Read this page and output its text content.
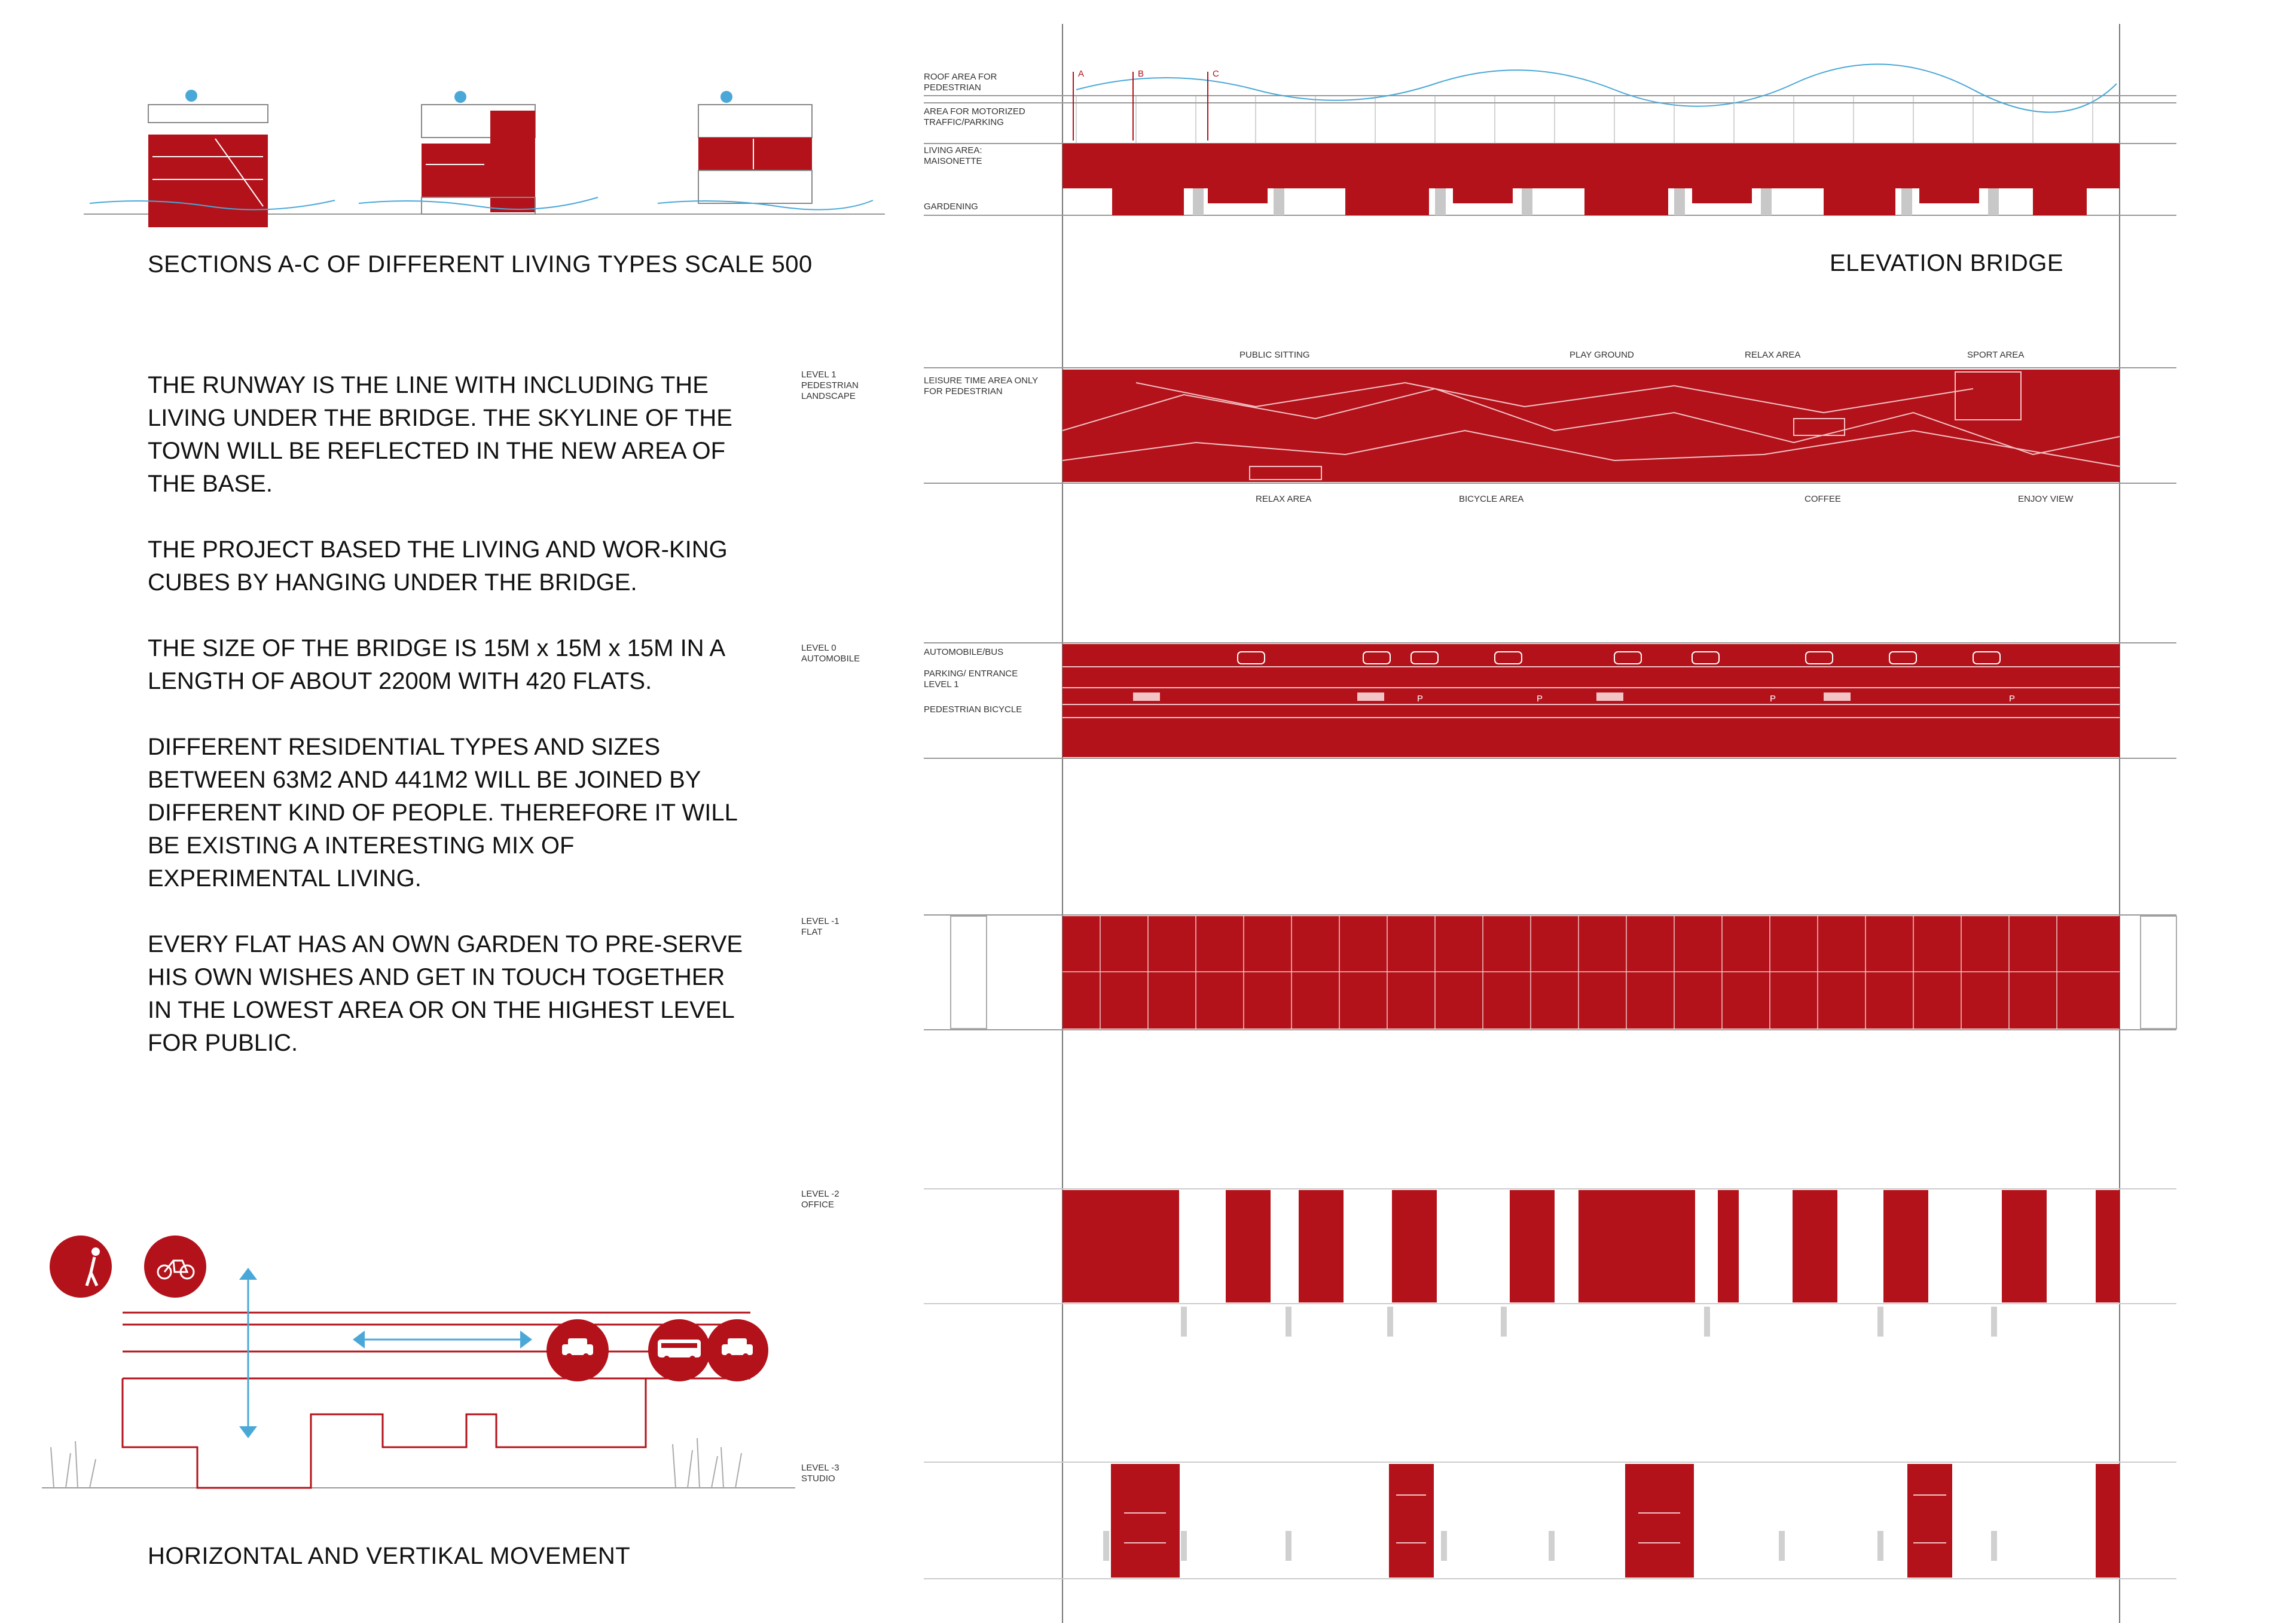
SECTIONS A-C OF DIFFERENT LIVING TYPES SCALE 500

THE RUNWAY IS THE LINE WITH INCLUDING THE LIVING UNDER THE BRIDGE. THE SKYLINE OF THE TOWN WILL BE REFLECTED IN THE NEW AREA OF THE BASE.

THE PROJECT BASED THE LIVING AND WOR-KING CUBES BY HANGING UNDER THE BRIDGE.

THE SIZE OF THE BRIDGE IS 15M x 15M x 15M IN A LENGTH OF ABOUT 2200M WITH 420 FLATS.

DIFFERENT RESIDENTIAL TYPES AND SIZES BETWEEN 63M2 AND 441M2 WILL BE JOINED BY DIFFERENT KIND OF PEOPLE. THEREFORE IT WILL BE EXISTING A INTERESTING MIX OF EXPERIMENTAL LIVING.

EVERY FLAT HAS AN OWN GARDEN TO PRE-SERVE HIS OWN WISHES AND GET IN TOUCH TOGETHER IN THE LOWEST AREA OR ON THE HIGHEST LEVEL FOR PUBLIC.

HORIZONTAL AND VERTIKAL MOVEMENT
ELEVATION BRIDGE
ROOF AREA FOR PEDESTRIAN
AREA FOR MOTORIZED TRAFFIC/PARKING
LIVING AREA: MAISONETTE
GARDENING
A	B	C
LEVEL 1 PEDESTRIAN LANDSCAPE
LEVEL 0 AUTOMOBILE
LEVEL -1 FLAT
LEVEL -2 OFFICE
LEVEL -3 STUDIO
LEISURE TIME AREA ONLY FOR PEDESTRIAN
PUBLIC SITTING	PLAY GROUND	RELAX AREA	SPORT AREA
RELAX AREA	BICYCLE AREA	COFFEE	ENJOY VIEW
AUTOMOBILE/BUS
PARKING/ ENTRANCE LEVEL 1
PEDESTRIAN BICYCLE
P	P	P	P
